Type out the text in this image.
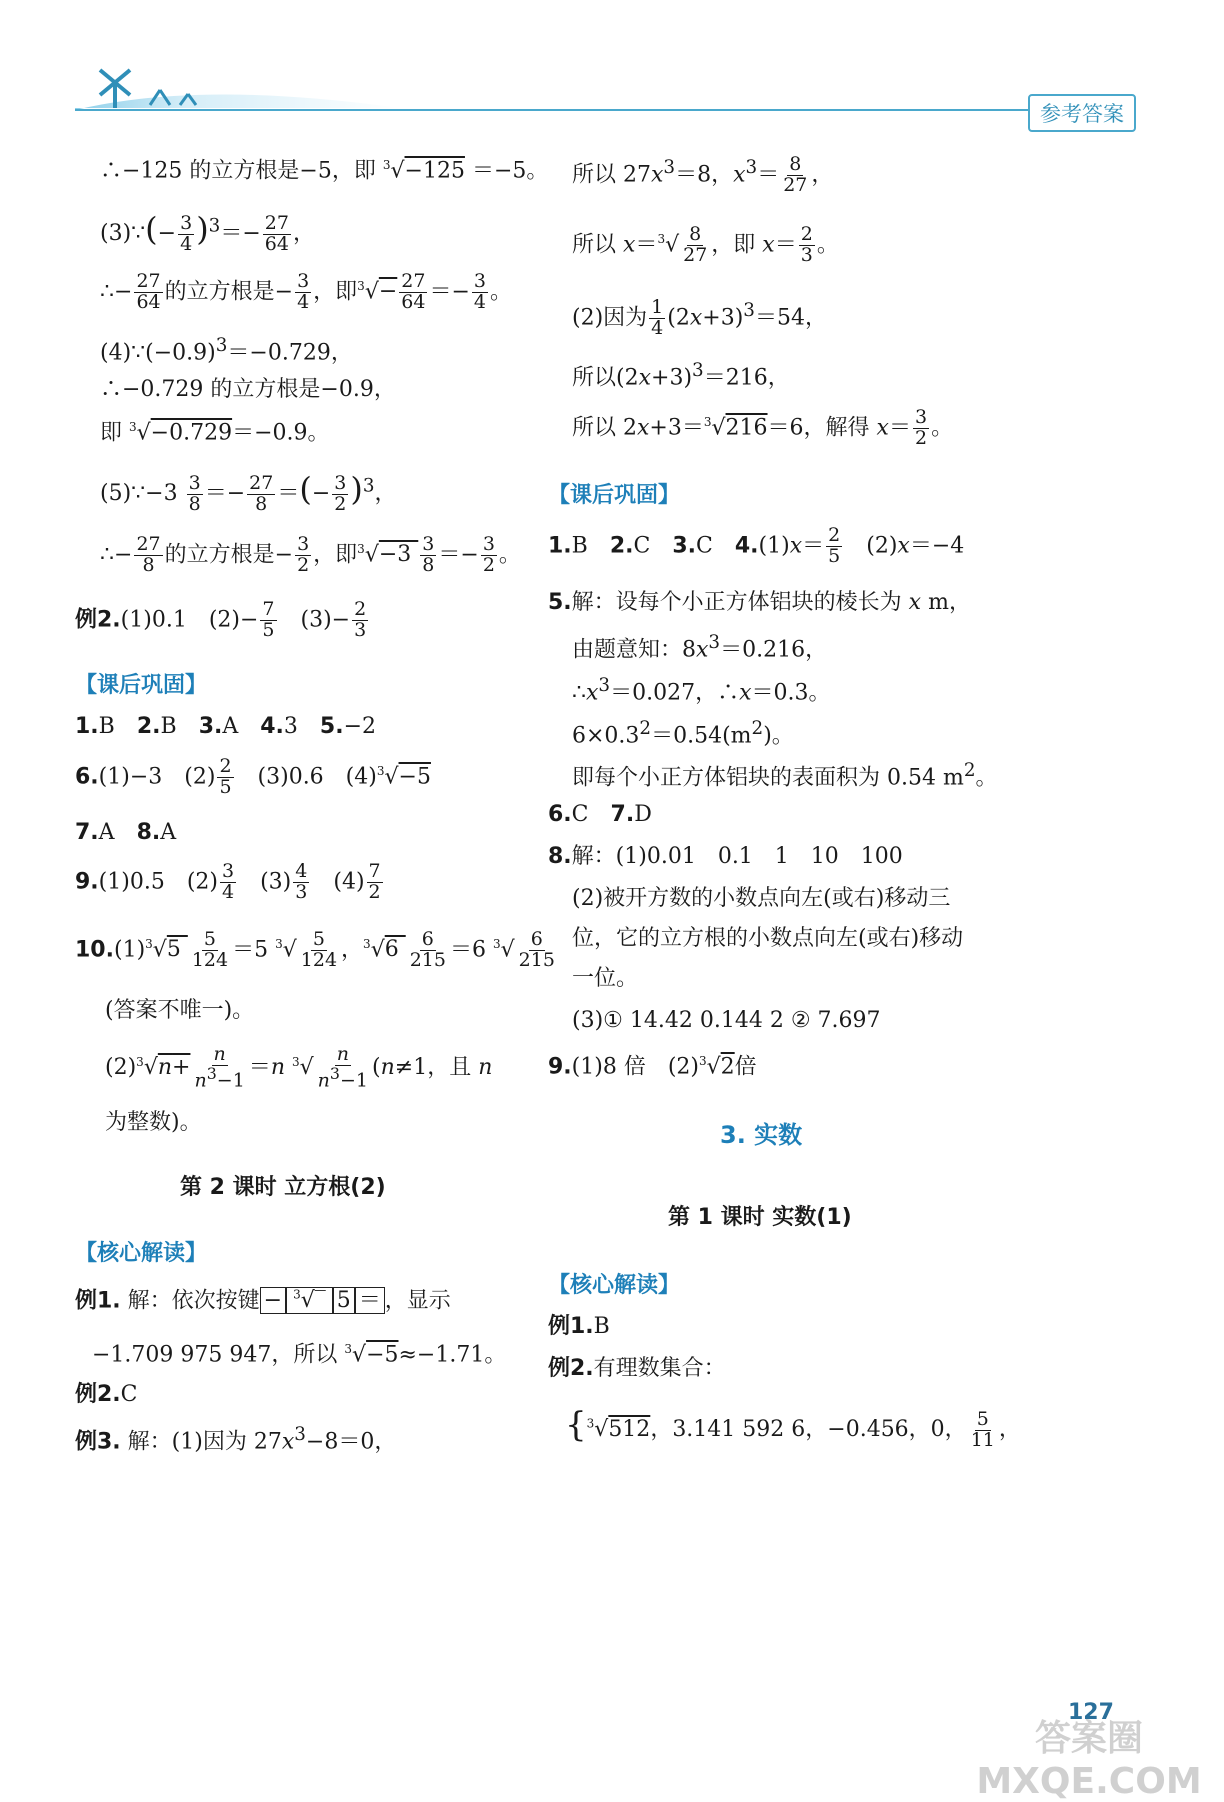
参考答案
∴−125 的立方根是−5，即 $^3$√−125 ＝−5。
(3)∵(− $\frac{3}{4} )^3=- \frac{27}{64}$ ，
∴− $\frac{27}{64}$ 的立方根是− $\frac{3}{4}$ ，即$^3√- \frac{27}{64} =- \frac{3}{4}$ 。
$(4)\because(-0.9)^3=-0.729$，
∴−0.729 的立方根是−0.9，
即 $^3$√−0.729＝−0.9。
(5)∵−3 $\frac{3}{8} =- \frac{27}{8}$ ＝(− $\frac{3}{2} )^3$，
∴− $\frac{27}{8}$ 的立方根是− $\frac{3}{2}$ ，即$^3√-3 \frac{3}{8} =- \frac{3}{2}$ 。
例2.(1)0.1　$(2)- \frac{7}{5}$ 　$(3)- \frac{2}{3}$
【课后巩固】
1.B　2.B　3.A　4.3　5.−2
6.(1)−3　$(2) \frac{2}{5}$ 　(3)0.6　$(4)^3√-5$
7.A　8.A
9.(1)0.5　$(2) \frac{3}{4}$ 　$(3) \frac{4}{3}$ 　$(4) \frac{7}{2}$
$10.(1)^3√5 \frac{5}{124} =5$ $^3√ \frac{5}{124}$ ，$^3√6 \frac{6}{215} =6$ $^3√ \frac{6}{215}$
(答案不唯一)。
$(2)^3√n+ \frac{n}{n^3-1} =n$ $^3√ \frac{n}{n^3-1} (n\ne 1$，且 n
为整数)。
第 2 课时 立方根(2)
【核心解读】
例1. 解：依次按键 − $^3$√‾ 5 ＝ ，显示
−1.709 975 947，所以 $^3$√−5≈−1.71。
例2.C
例3. 解：(1)因为 $27x^3-8=0$，
所以 $27x^3=8$，$x^3= \frac{8}{27}$ ，
所以 $x=^3√ \frac{8}{27}$ ，即 $x= \frac{2}{3}$ 。
(2)因为 $\frac{1}{4} (2x+3)^3=54$，
所以$(2x+3)^3=216$，
所以 2x+3＝$^3$√216＝6，解得 $x= \frac{3}{2}$ 。
【课后巩固】
1.B　2.C　3.C　$4.(1)x= \frac{2}{5}$ 　(2)x＝−4
5.解：设每个小正方体铝块的棱长为 x m，
由题意知：$8x^3=0.216$，
$\therefore x^3=0.027$，∴x＝0.3。
$6\times 0.3^2=0.54(m^2)$。
即每个小正方体铝块的表面积为 0.54 $m^2$。
6.C　7.D
8.解：(1)0.01　0.1　1　10　100
(2)被开方数的小数点向左(或右)移动三
位，它的立方根的小数点向左(或右)移动
一位。
(3)① 14.42 0.144 2 ② 7.697
9.(1)8 倍　$(2)^3√2$倍
3. 实数
第 1 课时 实数(1)
【核心解读】
例1.B
例2.有理数集合：
{$^3$√512，3.141 592 6，−0.456，0， $\frac{5}{11}$ ，
127
答案圈 MXQE.COM
